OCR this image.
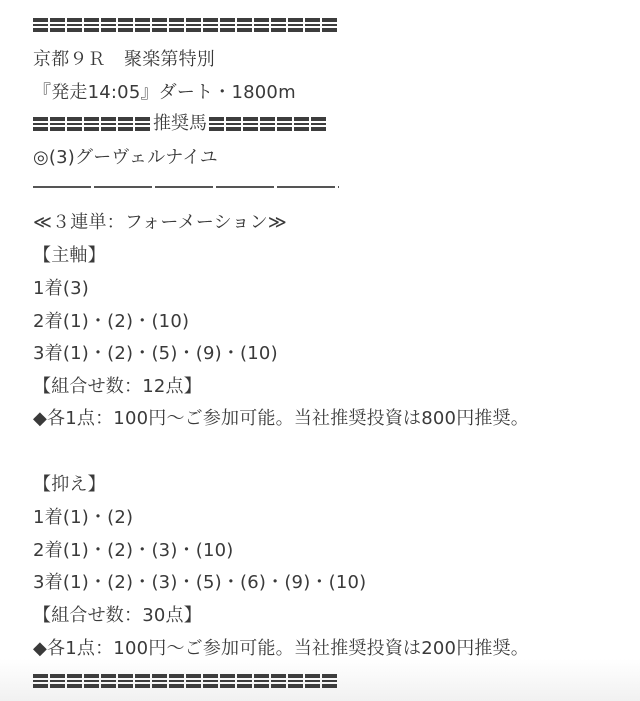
京都９Ｒ　聚楽第特別
『発走14:05』ダート・1800m
推奨馬
◎(3)グーヴェルナイユ
≪３連単：フォーメーション≫
【主軸】
1着(3)
2着(1)・(2)・(10)
3着(1)・(2)・(5)・(9)・(10)
【組合せ数：12点】
◆各1点：100円〜ご参加可能。当社推奨投資は800円推奨。
【抑え】
1着(1)・(2)
2着(1)・(2)・(3)・(10)
3着(1)・(2)・(3)・(5)・(6)・(9)・(10)
【組合せ数：30点】
◆各1点：100円〜ご参加可能。当社推奨投資は200円推奨。
